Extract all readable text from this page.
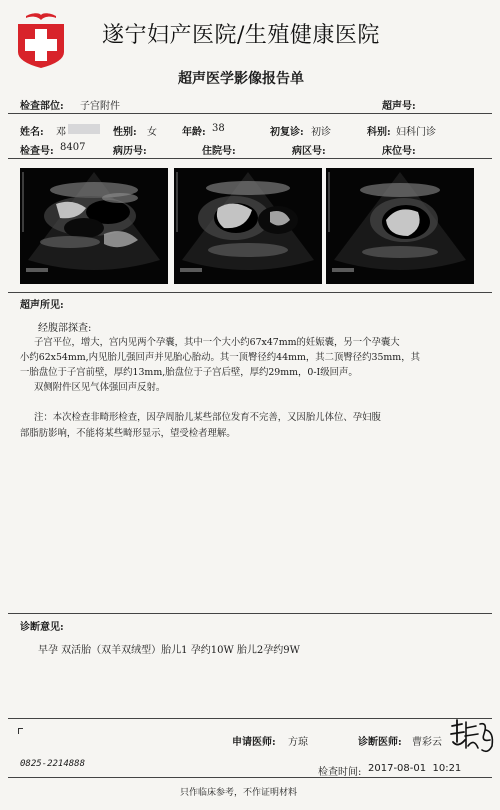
遂宁妇产医院/生殖健康医院
超声医学影像报告单
检查部位: 子宫附件	超声号:
姓名: 邓	性别: 女	年龄: 38	初复诊: 初诊	科别: 妇科门诊
检查号: 8407	病历号:	住院号:	病区号:	床位号:
超声所见:
经腹部探查:
子宫平位，增大，宫内见两个孕囊，其中一个大小约67x47mm的妊娠囊，另一个孕囊大
小约62x54mm,内见胎儿强回声并见胎心胎动。其一顶臀径约44mm，其二顶臀径约35mm，其
一胎盘位于子宫前壁，厚约13mm,胎盘位于子宫后壁，厚约29mm，0-I级回声。
双侧附件区见气体强回声反射。
注：本次检查非畸形检查，因孕周胎儿某些部位发育不完善，又因胎儿体位、孕妇腹
部脂肪影响，不能将某些畸形显示，望受检者理解。
诊断意见:
早孕 双活胎（双羊双绒型）胎儿1 孕约10W 胎儿2孕约9W
申请医师: 方琼	诊断医师: 曹彩云
0825-2214888
检查时间: 2017-08-01  10:21
只作临床参考，不作证明材料
